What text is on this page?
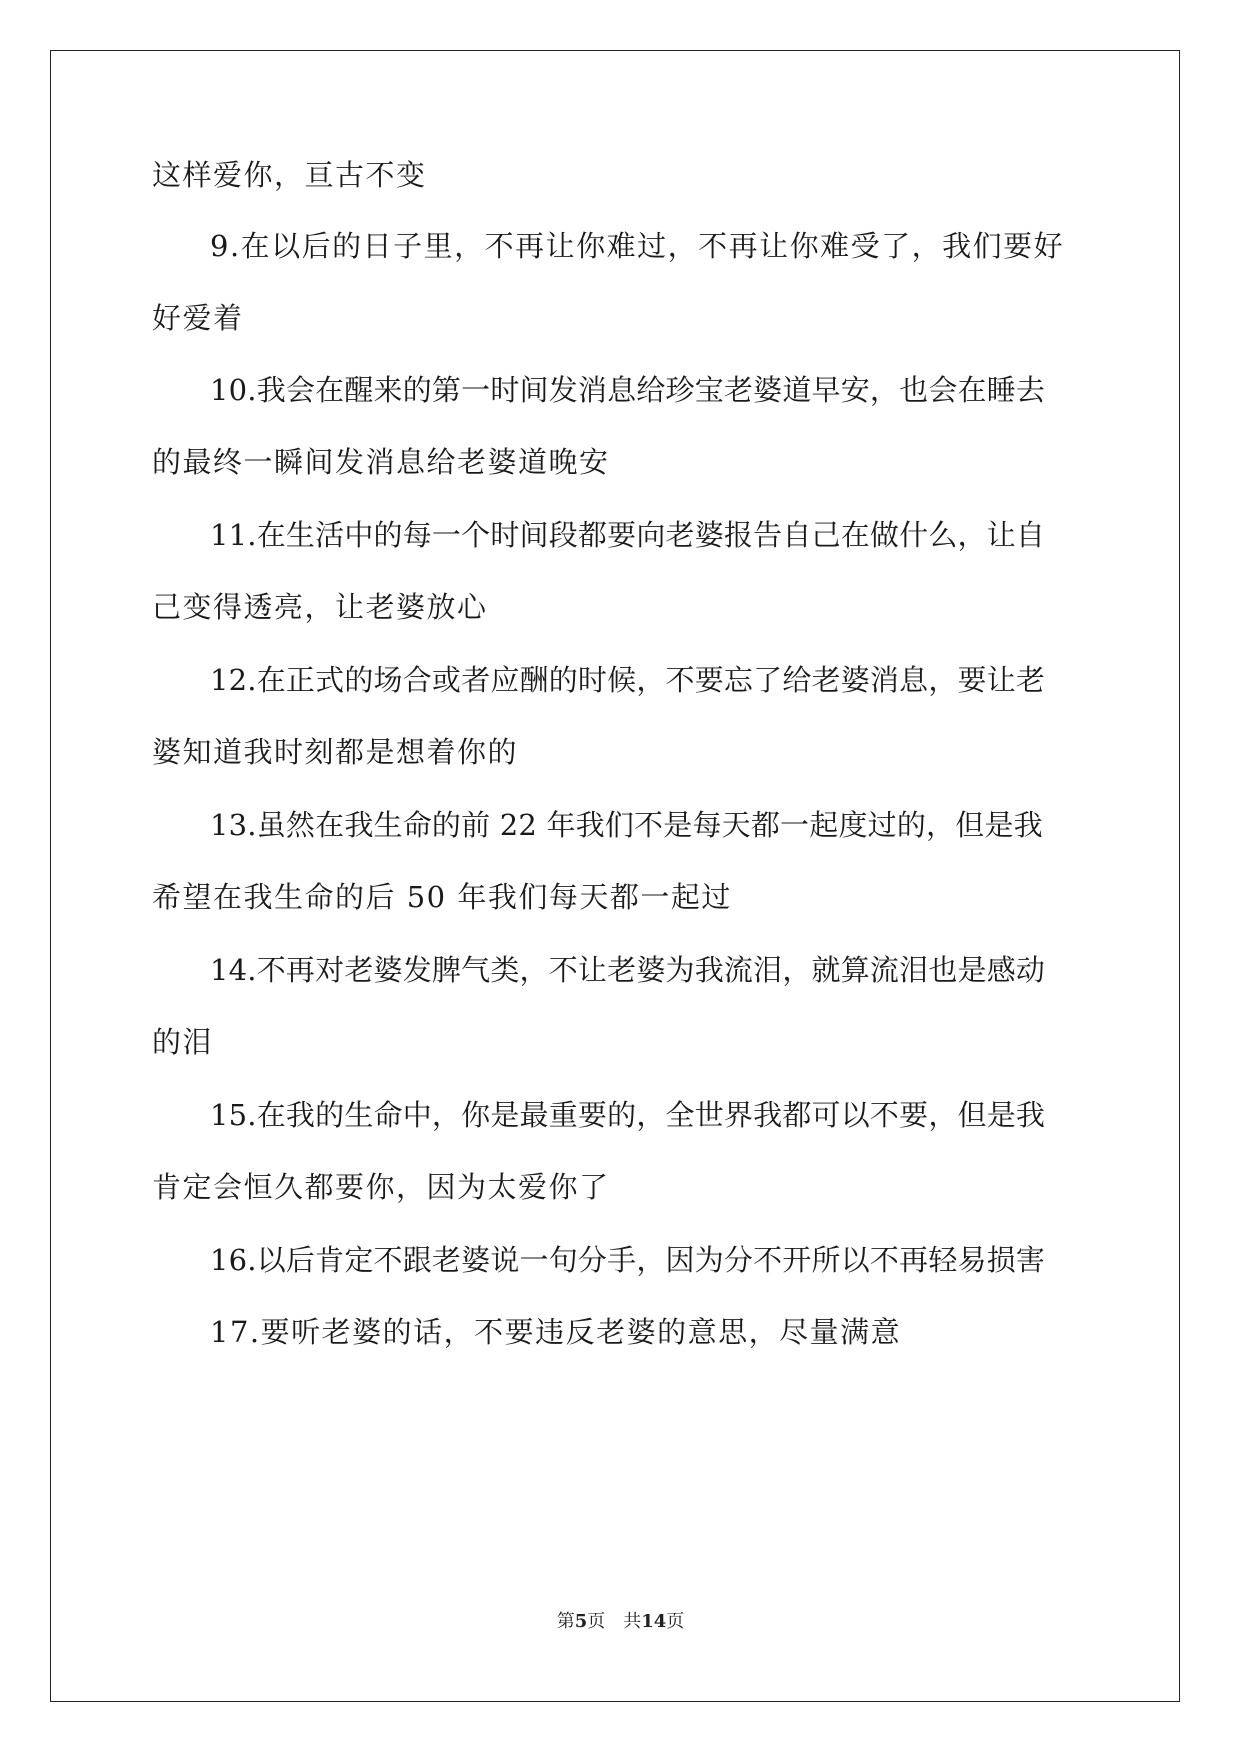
这样爱你，亘古不变
9.在以后的日子里，不再让你难过，不再让你难受了，我们要好
好爱着
10.我会在醒来的第一时间发消息给珍宝老婆道早安，也会在睡去
的最终一瞬间发消息给老婆道晚安
11.在生活中的每一个时间段都要向老婆报告自己在做什么，让自
己变得透亮，让老婆放心
12.在正式的场合或者应酬的时候，不要忘了给老婆消息，要让老
婆知道我时刻都是想着你的
13.虽然在我生命的前 22 年我们不是每天都一起度过的，但是我
希望在我生命的后 50 年我们每天都一起过
14.不再对老婆发脾气类，不让老婆为我流泪，就算流泪也是感动
的泪
15.在我的生命中，你是最重要的，全世界我都可以不要，但是我
肯定会恒久都要你，因为太爱你了
16.以后肯定不跟老婆说一句分手，因为分不开所以不再轻易损害
17.要听老婆的话，不要违反老婆的意思，尽量满意
第5页 共14页
